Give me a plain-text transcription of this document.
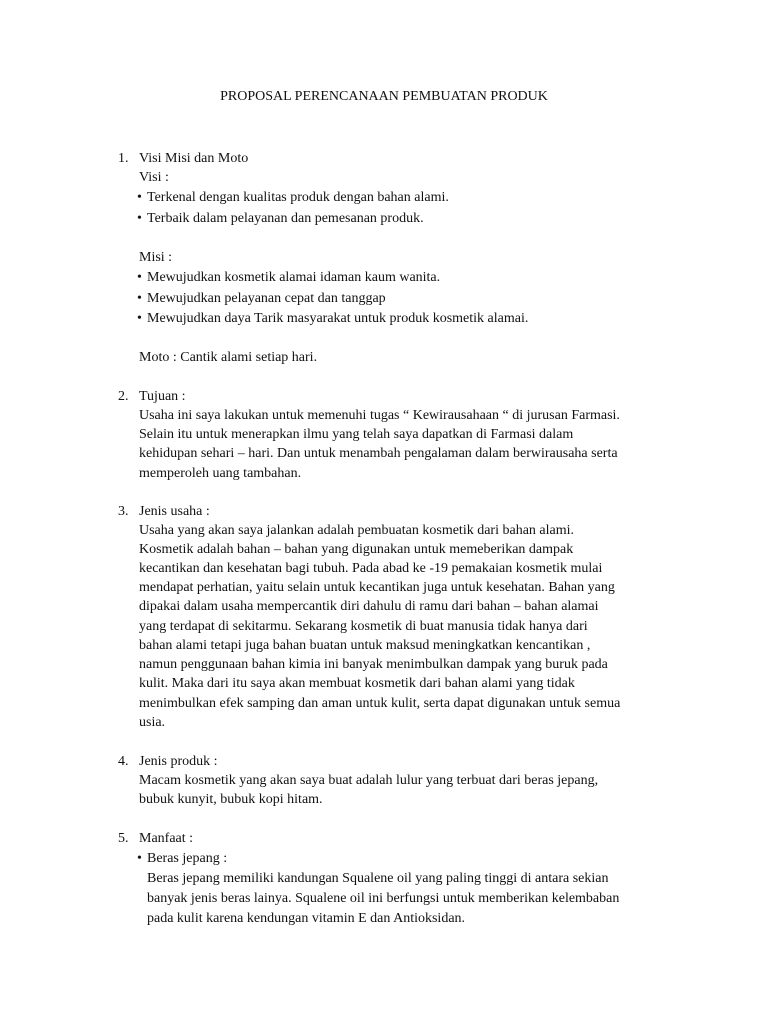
PROPOSAL PERENCANAAN PEMBUATAN PRODUK
1. Visi Misi dan Moto
Visi :
• Terkenal dengan kualitas produk dengan bahan alami.
• Terbaik dalam pelayanan dan pemesanan produk.
Misi :
• Mewujudkan kosmetik alamai idaman kaum wanita.
• Mewujudkan pelayanan cepat dan tanggap
• Mewujudkan daya Tarik masyarakat untuk produk kosmetik alamai.
Moto : Cantik alami setiap hari.
2. Tujuan :
Usaha ini saya lakukan untuk memenuhi tugas “ Kewirausahaan “ di jurusan Farmasi.
Selain itu untuk menerapkan ilmu yang telah saya dapatkan di Farmasi dalam
kehidupan sehari – hari. Dan untuk menambah pengalaman dalam berwirausaha serta
memperoleh uang tambahan.
3. Jenis usaha :
Usaha yang akan saya jalankan adalah pembuatan kosmetik dari bahan alami.
Kosmetik adalah bahan – bahan yang digunakan untuk memeberikan dampak
kecantikan dan kesehatan bagi tubuh. Pada abad ke -19 pemakaian kosmetik mulai
mendapat perhatian, yaitu selain untuk kecantikan juga untuk kesehatan. Bahan yang
dipakai dalam usaha mempercantik diri dahulu di ramu dari bahan – bahan alamai
yang terdapat di sekitarmu. Sekarang kosmetik di buat manusia tidak hanya dari
bahan alami tetapi juga bahan buatan untuk maksud meningkatkan kencantikan ,
namun penggunaan bahan kimia ini banyak menimbulkan dampak yang buruk pada
kulit. Maka dari itu saya akan membuat kosmetik dari bahan alami yang tidak
menimbulkan efek samping dan aman untuk kulit, serta dapat digunakan untuk semua
usia.
4. Jenis produk :
Macam kosmetik yang akan saya buat adalah lulur yang terbuat dari beras jepang,
bubuk kunyit, bubuk kopi hitam.
5. Manfaat :
• Beras jepang :
Beras jepang memiliki kandungan Squalene oil yang paling tinggi di antara sekian
banyak jenis beras lainya. Squalene oil ini berfungsi untuk memberikan kelembaban
pada kulit karena kendungan vitamin E dan Antioksidan.
